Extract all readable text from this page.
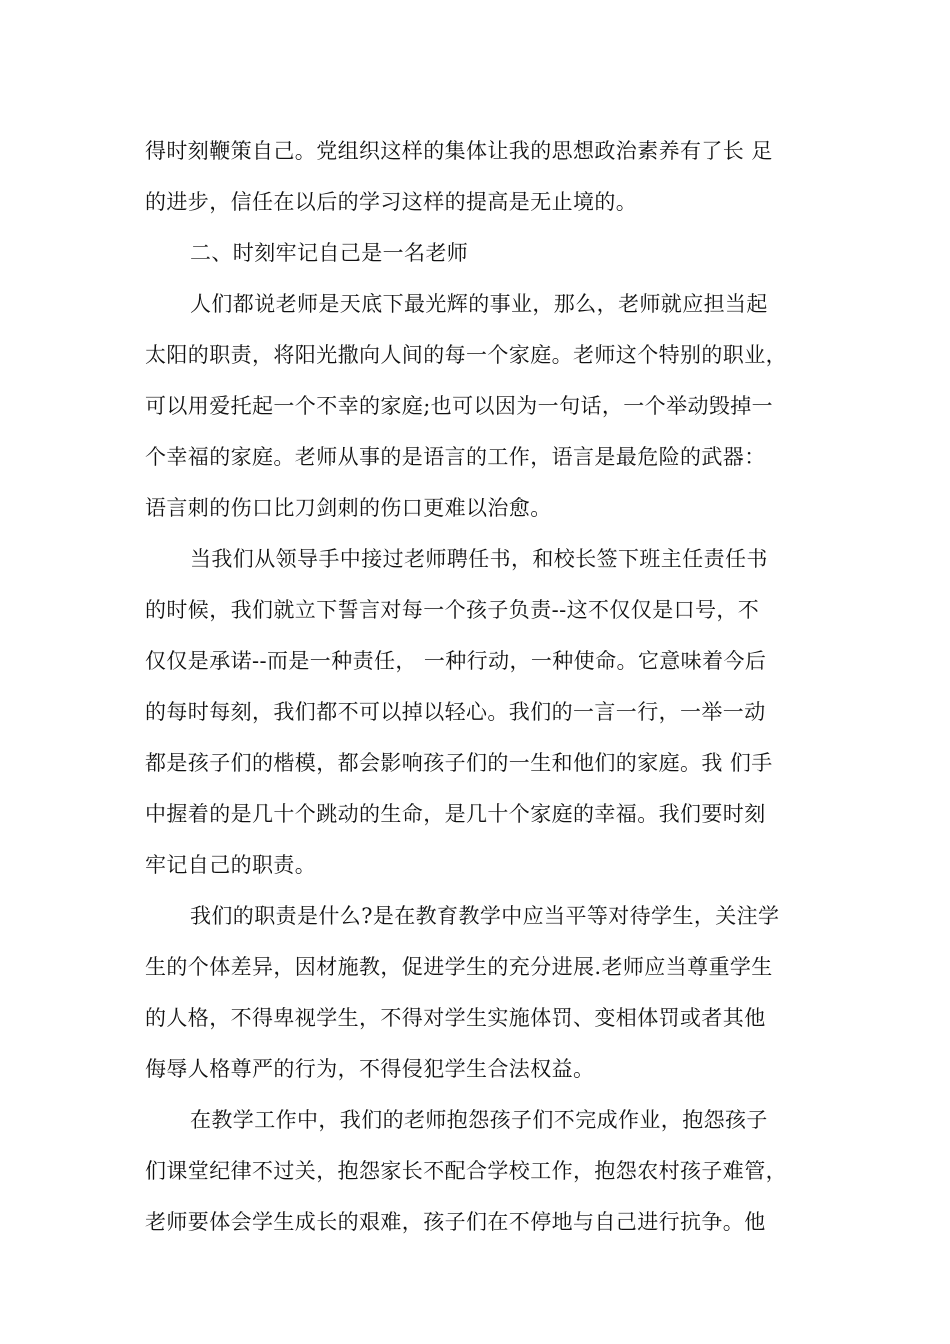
得时刻鞭策自己。党组织这样的集体让我的思想政治素养有了长 足
的进步，信任在以后的学习这样的提高是无止境的。
二、时刻牢记自己是一名老师
人们都说老师是天底下最光辉的事业，那么，老师就应担当起
太阳的职责，将阳光撒向人间的每一个家庭。老师这个特别的职业，
可以用爱托起一个不幸的家庭;也可以因为一句话，一个举动毁掉一
个幸福的家庭。老师从事的是语言的工作，语言是最危险的武器：
语言刺的伤口比刀剑刺的伤口更难以治愈。
当我们从领导手中接过老师聘任书，和校长签下班主任责任书
的时候，我们就立下誓言对每一个孩子负责--这不仅仅是口号，不
仅仅是承诺--而是一种责任， 一种行动，一种使命。它意味着今后
的每时每刻，我们都不可以掉以轻心。我们的一言一行，一举一动
都是孩子们的楷模，都会影响孩子们的一生和他们的家庭。我 们手
中握着的是几十个跳动的生命，是几十个家庭的幸福。我们要时刻
牢记自己的职责。
我们的职责是什么?是在教育教学中应当平等对待学生，关注学
生的个体差异，因材施教，促进学生的充分进展.老师应当尊重学生
的人格，不得卑视学生，不得对学生实施体罚、变相体罚或者其他
侮辱人格尊严的行为，不得侵犯学生合法权益。
在教学工作中，我们的老师抱怨孩子们不完成作业，抱怨孩子
们课堂纪律不过关，抱怨家长不配合学校工作，抱怨农村孩子难管，
老师要体会学生成长的艰难，孩子们在不停地与自己进行抗争。他
